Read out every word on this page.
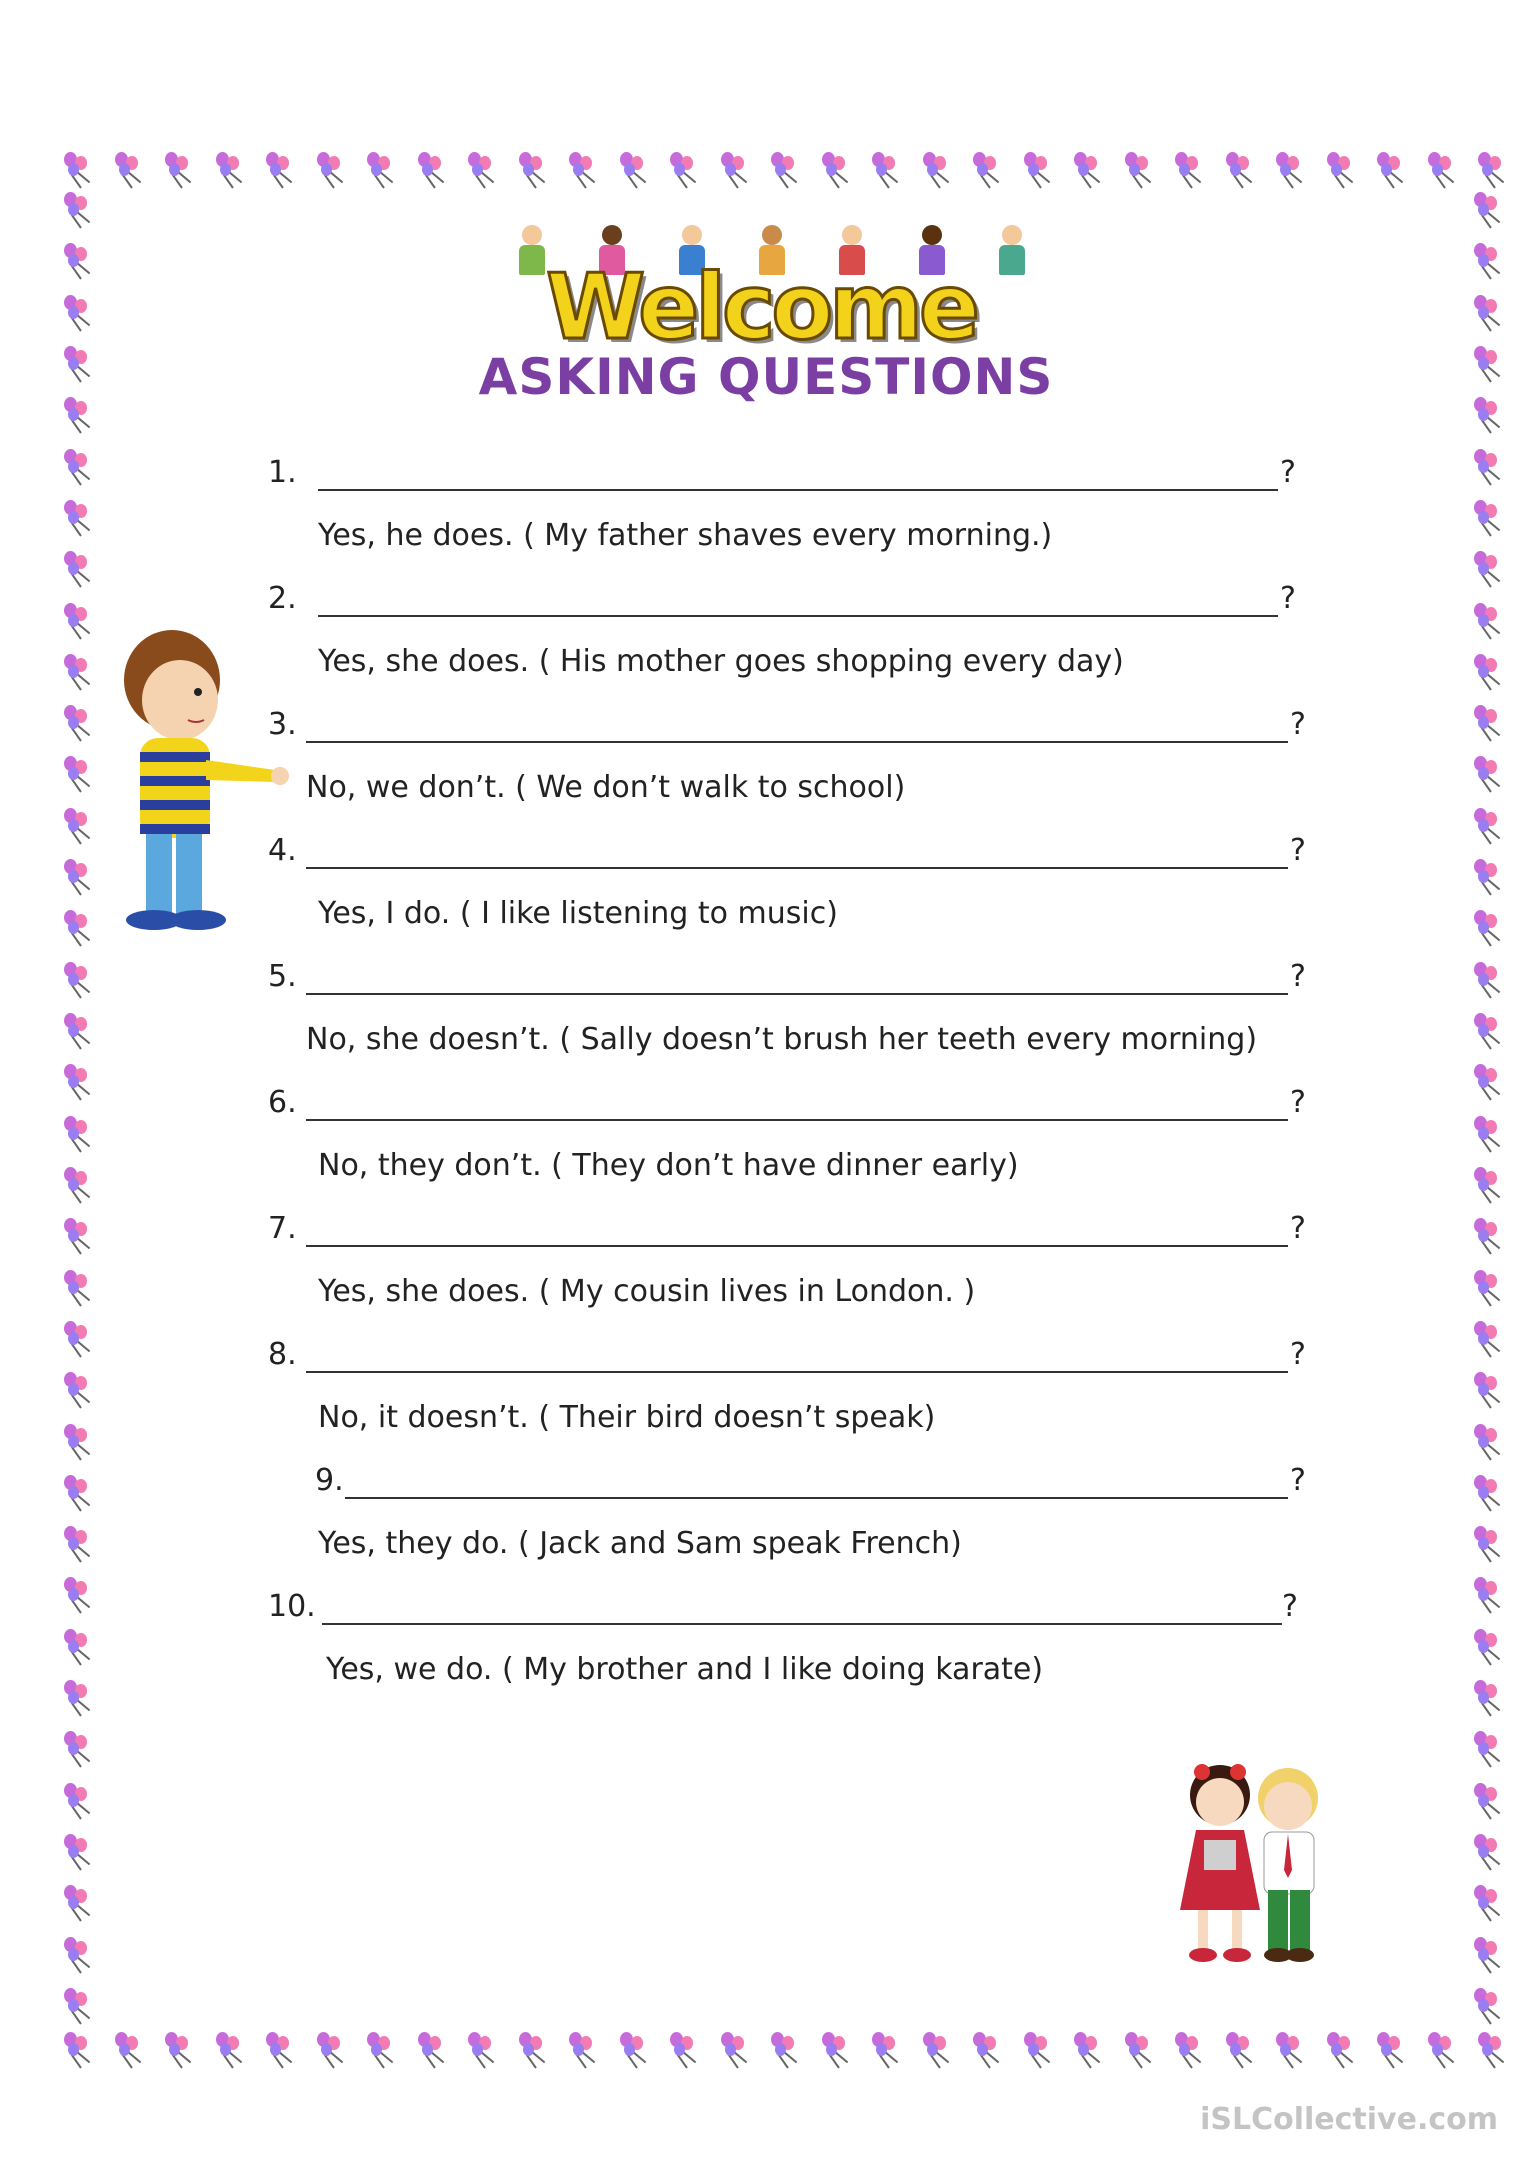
Welcome
ASKING QUESTIONS
1.	?
Yes, he does. ( My father shaves every morning.)
2.	?
Yes, she does. ( His mother goes shopping every day)
3.	?
No, we don’t. ( We don’t walk to school)
4.	?
Yes, I do. ( I like listening to music)
5.	?
No, she doesn’t. ( Sally doesn’t brush her teeth every morning)
6.	?
No, they don’t. ( They don’t have dinner early)
7.	?
Yes, she does. ( My cousin lives in London. )
8.	?
No, it doesn’t. ( Their bird doesn’t speak)
9.	?
Yes, they do. ( Jack and Sam speak French)
10.	?
Yes, we do. ( My brother and I like doing karate)
iSLCollective.com
